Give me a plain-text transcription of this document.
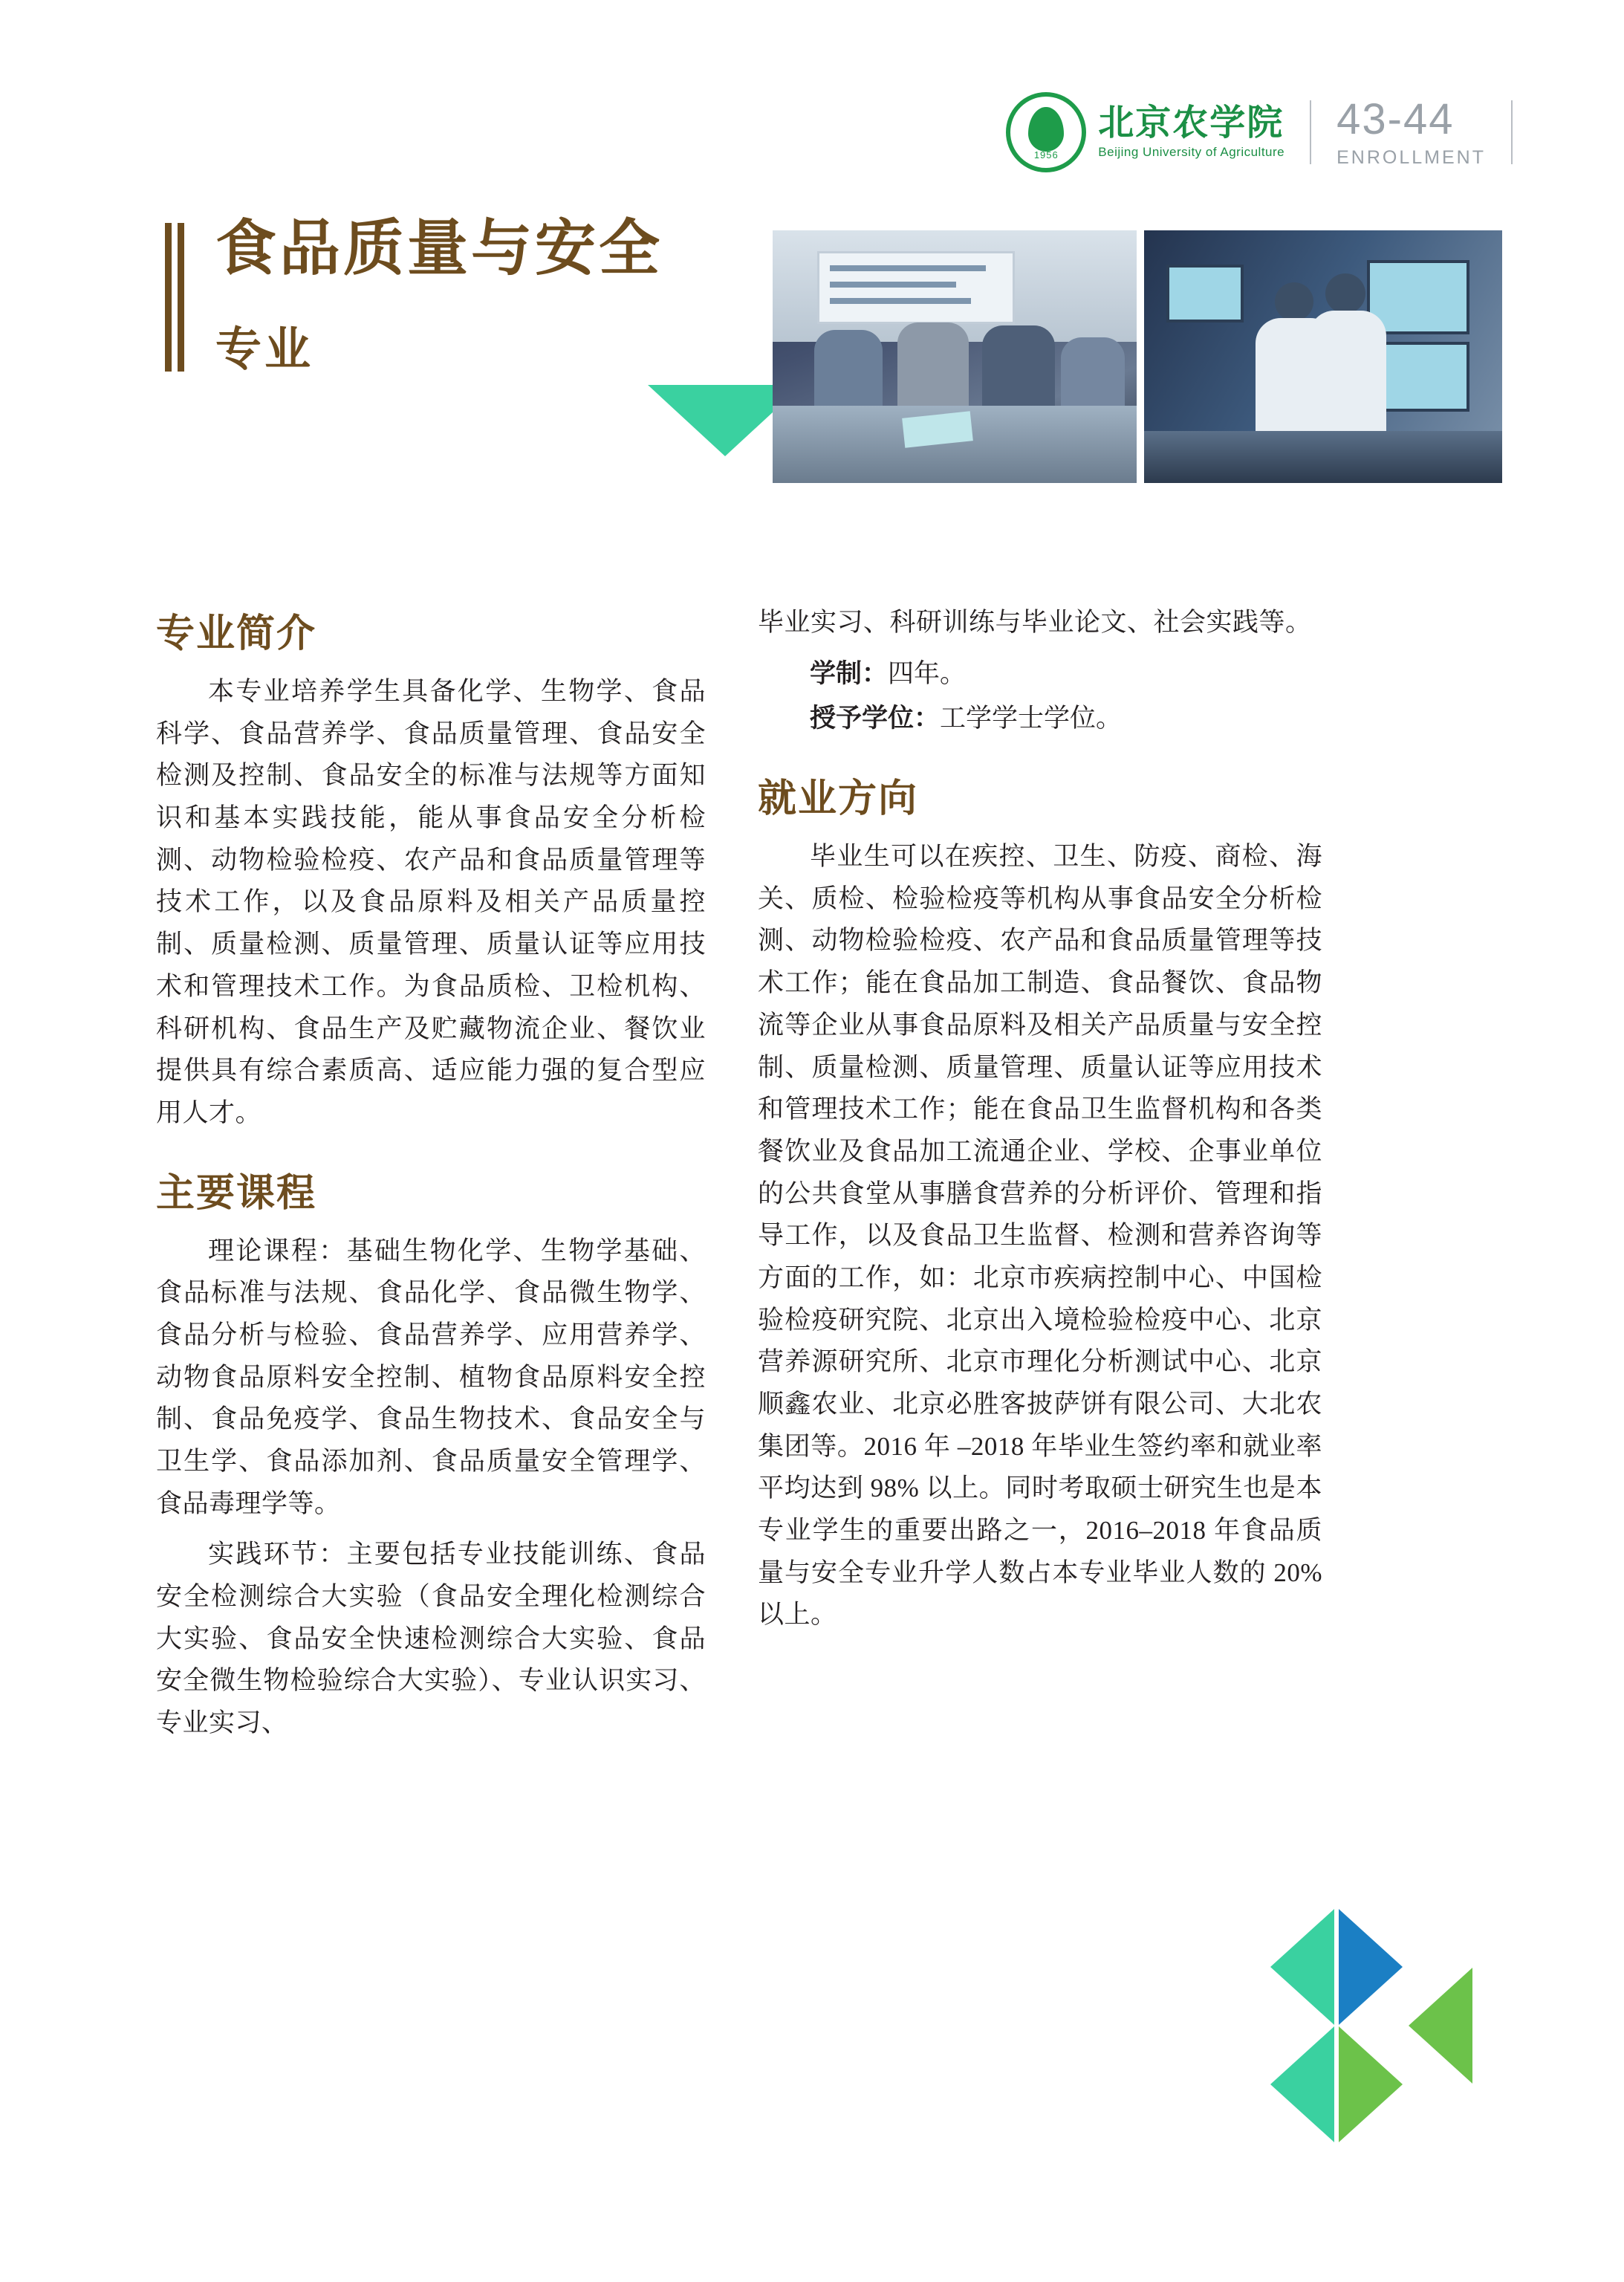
1956
北京农学院
Beijing University of Agriculture
43-44
ENROLLMENT
食品质量与安全
专业
专业简介

本专业培养学生具备化学、生物学、食品科学、食品营养学、食品质量管理、食品安全检测及控制、食品安全的标准与法规等方面知识和基本实践技能，能从事食品安全分析检测、动物检验检疫、农产品和食品质量管理等技术工作，以及食品原料及相关产品质量控制、质量检测、质量管理、质量认证等应用技术和管理技术工作。为食品质检、卫检机构、科研机构、食品生产及贮藏物流企业、餐饮业提供具有综合素质高、适应能力强的复合型应用人才。

主要课程

理论课程：基础生物化学、生物学基础、食品标准与法规、食品化学、食品微生物学、食品分析与检验、食品营养学、应用营养学、动物食品原料安全控制、植物食品原料安全控制、食品免疫学、食品生物技术、食品安全与卫生学、食品添加剂、食品质量安全管理学、食品毒理学等。

实践环节：主要包括专业技能训练、食品安全检测综合大实验（食品安全理化检测综合大实验、食品安全快速检测综合大实验、食品安全微生物检验综合大实验）、专业认识实习、专业实习、

毕业实习、科研训练与毕业论文、社会实践等。

学制：四年。
授予学位：工学学士学位。
就业方向

毕业生可以在疾控、卫生、防疫、商检、海关、质检、检验检疫等机构从事食品安全分析检测、动物检验检疫、农产品和食品质量管理等技术工作；能在食品加工制造、食品餐饮、食品物流等企业从事食品原料及相关产品质量与安全控制、质量检测、质量管理、质量认证等应用技术和管理技术工作；能在食品卫生监督机构和各类餐饮业及食品加工流通企业、学校、企事业单位的公共食堂从事膳食营养的分析评价、管理和指导工作，以及食品卫生监督、检测和营养咨询等方面的工作，如：北京市疾病控制中心、中国检验检疫研究院、北京出入境检验检疫中心、北京营养源研究所、北京市理化分析测试中心、北京顺鑫农业、北京必胜客披萨饼有限公司、大北农集团等。2016 年 –2018 年毕业生签约率和就业率平均达到 98% 以上。同时考取硕士研究生也是本专业学生的重要出路之一，2016–2018 年食品质量与安全专业升学人数占本专业毕业人数的 20% 以上。
